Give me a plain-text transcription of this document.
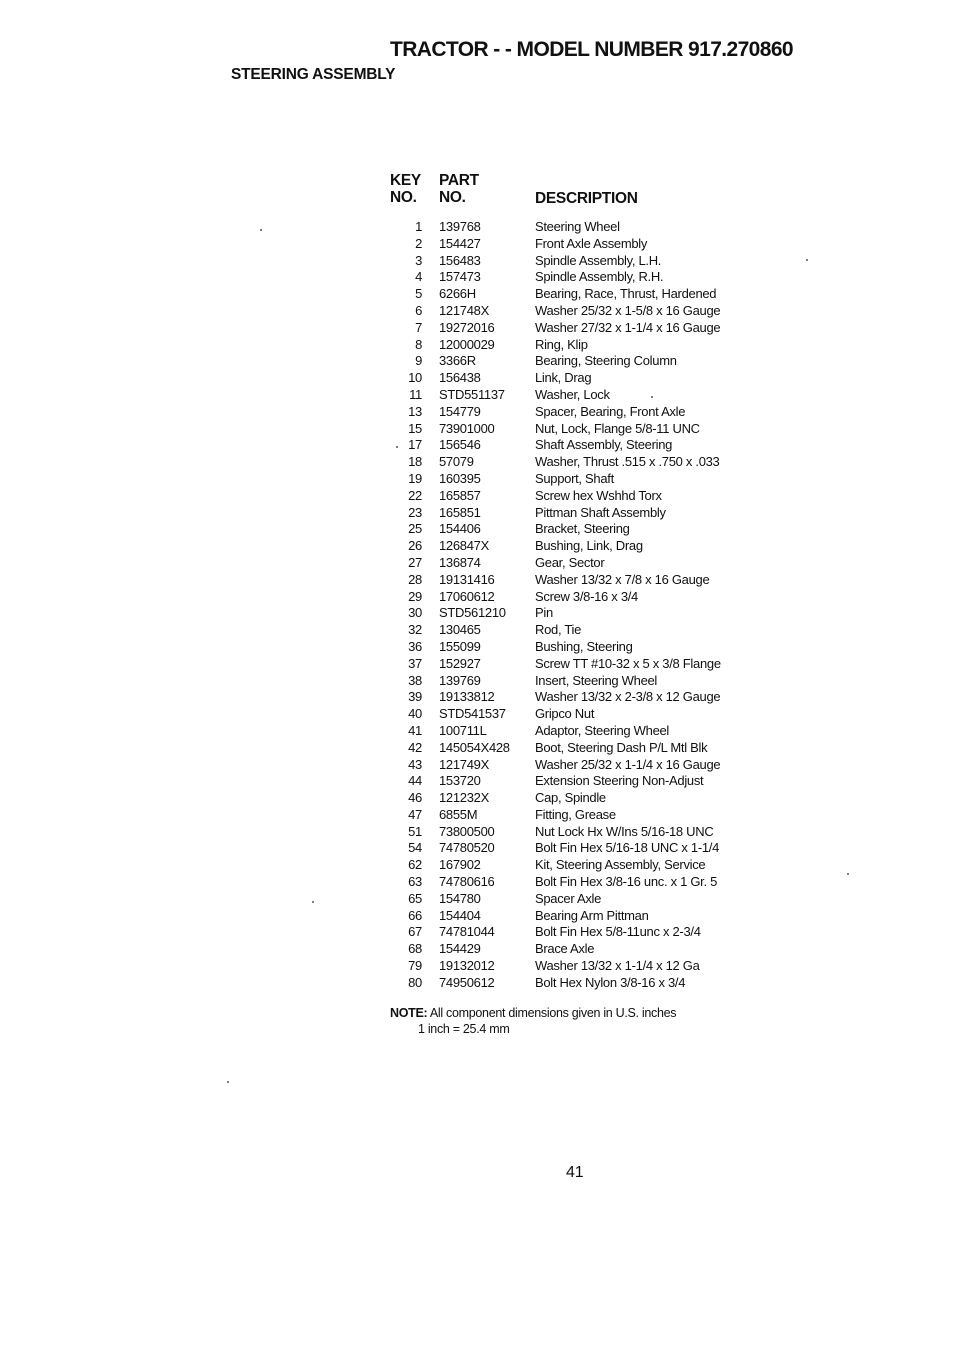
TRACTOR - - MODEL NUMBER 917.270860
STEERING ASSEMBLY
KEY
NO.
PART
NO.	DESCRIPTION
1	139768	Steering Wheel
2	154427	Front Axle Assembly
3	156483	Spindle Assembly, L.H.
4	157473	Spindle Assembly, R.H.
5	6266H	Bearing, Race, Thrust, Hardened
6	121748X	Washer 25/32 x 1-5/8 x 16 Gauge
7	19272016	Washer 27/32 x 1-1/4 x 16 Gauge
8	12000029	Ring, Klip
9	3366R	Bearing, Steering Column
10	156438	Link, Drag
11	STD551137	Washer, Lock
13	154779	Spacer, Bearing, Front Axle
15	73901000	Nut, Lock, Flange 5/8-11 UNC
17	156546	Shaft Assembly, Steering
18	57079	Washer, Thrust .515 x .750 x .033
19	160395	Support, Shaft
22	165857	Screw hex Wshhd Torx
23	165851	Pittman Shaft Assembly
25	154406	Bracket, Steering
26	126847X	Bushing, Link, Drag
27	136874	Gear, Sector
28	19131416	Washer 13/32 x 7/8 x 16 Gauge
29	17060612	Screw 3/8-16 x 3/4
30	STD561210	Pin
32	130465	Rod, Tie
36	155099	Bushing, Steering
37	152927	Screw TT #10-32 x 5 x 3/8 Flange
38	139769	Insert, Steering Wheel
39	19133812	Washer 13/32 x 2-3/8 x 12 Gauge
40	STD541537	Gripco Nut
41	100711L	Adaptor, Steering Wheel
42	145054X428	Boot, Steering Dash P/L Mtl Blk
43	121749X	Washer 25/32 x 1-1/4 x 16 Gauge
44	153720	Extension Steering Non-Adjust
46	121232X	Cap, Spindle
47	6855M	Fitting, Grease
51	73800500	Nut Lock Hx W/Ins 5/16-18 UNC
54	74780520	Bolt Fin Hex 5/16-18 UNC x 1-1/4
62	167902	Kit, Steering Assembly, Service
63	74780616	Bolt Fin Hex 3/8-16 unc. x 1 Gr. 5
65	154780	Spacer Axle
66	154404	Bearing Arm Pittman
67	74781044	Bolt Fin Hex 5/8-11unc x 2-3/4
68	154429	Brace Axle
79	19132012	Washer 13/32 x 1-1/4 x 12 Ga
80	74950612	Bolt Hex Nylon 3/8-16 x 3/4
NOTE: All component dimensions given in U.S. inches
1 inch = 25.4 mm
41
